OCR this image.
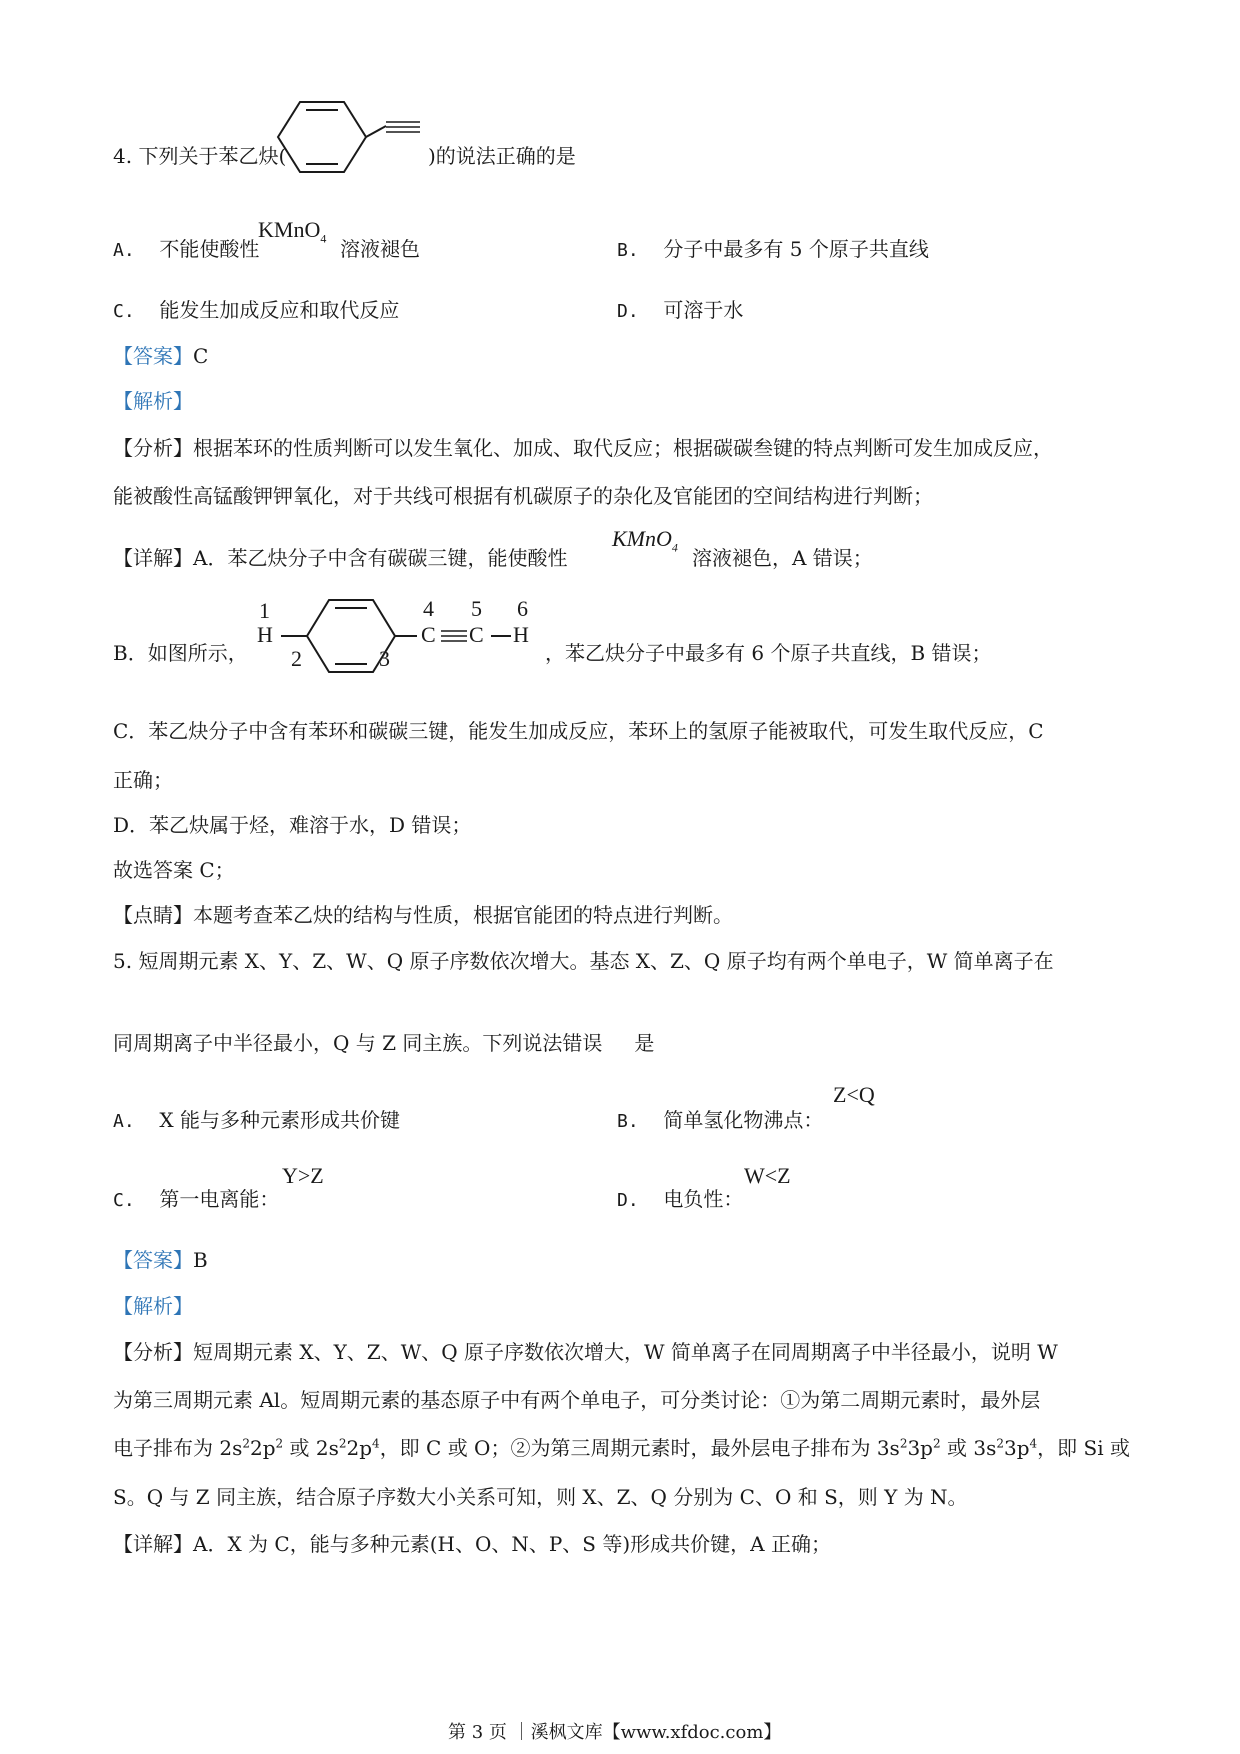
4. 下列关于苯乙炔(	)的说法正确的是
A. 不能使酸性
KMnO$_4$ 溶液褪色	B. 分子中最多有 5 个原子共直线
C. 能发生加成反应和取代反应	D. 可溶于水
【答案】C
【解析】
【分析】根据苯环的性质判断可以发生氧化、加成、取代反应；根据碳碳叁键的特点判断可发生加成反应，
能被酸性高锰酸钾钾氧化，对于共线可根据有机碳原子的杂化及官能团的空间结构进行判断；
【详解】A．苯乙炔分子中含有碳碳三键，能使酸性
KMnO$_4$ 溶液褪色，A 错误；
B．如图所示，
1
H
2	3
4
C
5
C
6
H
，苯乙炔分子中最多有 6 个原子共直线，B 错误；
C．苯乙炔分子中含有苯环和碳碳三键，能发生加成反应，苯环上的氢原子能被取代，可发生取代反应，C
正确；
D．苯乙炔属于烃，难溶于水，D 错误；
故选答案 C；
【点睛】本题考查苯乙炔的结构与性质，根据官能团的特点进行判断。
5. 短周期元素 X、Y、Z、W、Q 原子序数依次增大。基态 X、Z、Q 原子均有两个单电子，W 简单离子在
同周期离子中半径最小，Q 与 Z 同主族。下列说法错误 是
A. X 能与多种元素形成共价键	B. 简单氢化物沸点：
Z<Q
C. 第一电离能：
Y>Z
D. 电负性：
W<Z
【答案】B
【解析】
【分析】短周期元素 X、Y、Z、W、Q 原子序数依次增大，W 简单离子在同周期离子中半径最小，说明 W
为第三周期元素 Al。短周期元素的基态原子中有两个单电子，可分类讨论：①为第二周期元素时，最外层
电子排布为 $2s^22p^2$ 或 $2s^22p^4$，即 C 或 O；②为第三周期元素时，最外层电子排布为 $3s^23p^2$ 或 $3s^23p^4$，即 Si 或
S。Q 与 Z 同主族，结合原子序数大小关系可知，则 X、Z、Q 分别为 C、O 和 S，则 Y 为 N。
【详解】A．X 为 C，能与多种元素(H、O、N、P、S 等)形成共价键，A 正确；
第 3 页 ｜溪枫文库【www.xfdoc.com】
